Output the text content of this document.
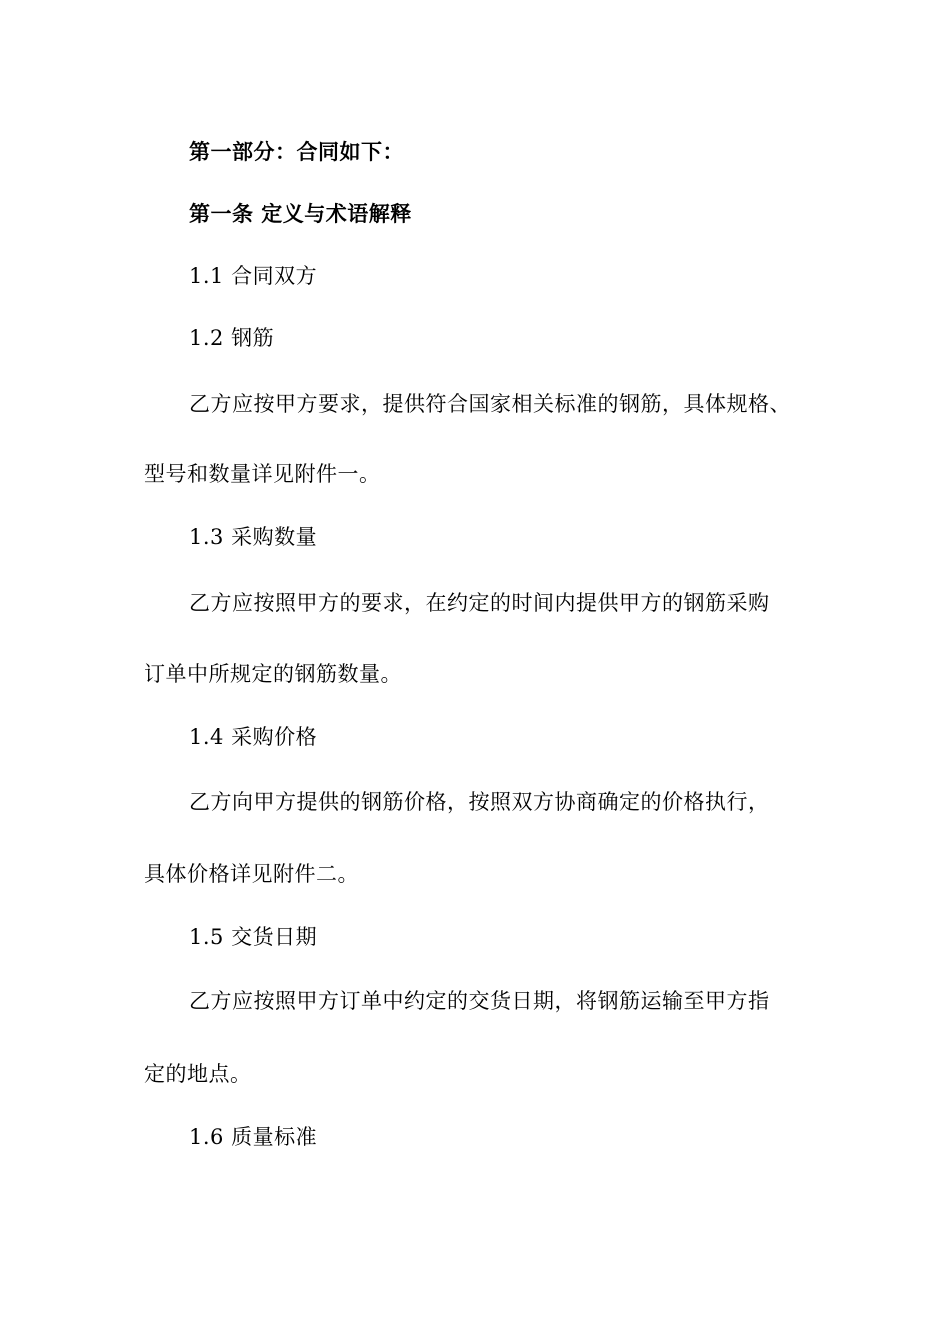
第一部分：合同如下：
第一条 定义与术语解释
1.1 合同双方
1.2 钢筋
乙方应按甲方要求，提供符合国家相关标准的钢筋，具体规格、
型号和数量详见附件一。
1.3 采购数量
乙方应按照甲方的要求，在约定的时间内提供甲方的钢筋采购
订单中所规定的钢筋数量。
1.4 采购价格
乙方向甲方提供的钢筋价格，按照双方协商确定的价格执行，
具体价格详见附件二。
1.5 交货日期
乙方应按照甲方订单中约定的交货日期，将钢筋运输至甲方指
定的地点。
1.6 质量标准
